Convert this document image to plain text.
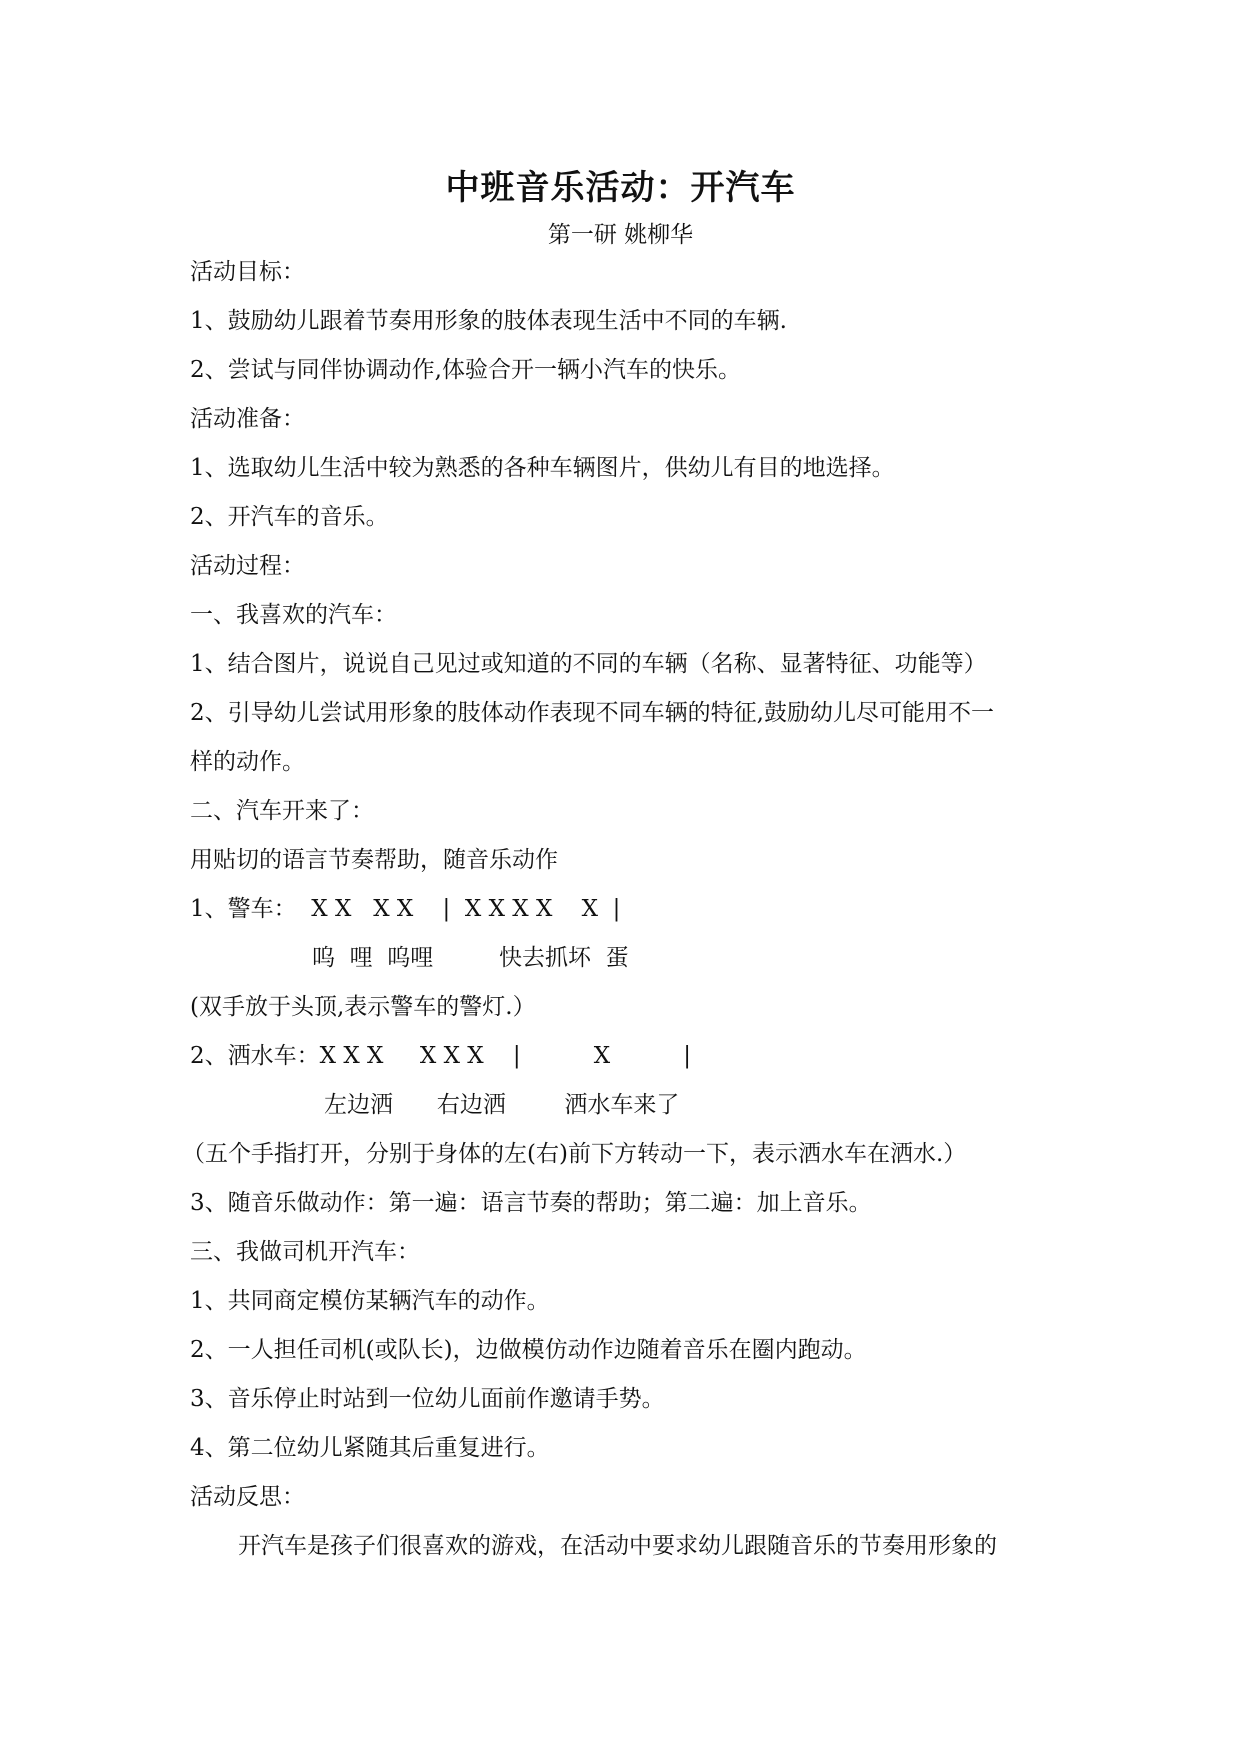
中班音乐活动：开汽车
第一研 姚柳华
活动目标：
1、鼓励幼儿跟着节奏用形象的肢体表现生活中不同的车辆.
2、尝试与同伴协调动作,体验合开一辆小汽车的快乐。
活动准备：
1、选取幼儿生活中较为熟悉的各种车辆图片，供幼儿有目的地选择。
2、开汽车的音乐。
活动过程：
一、我喜欢的汽车：
1、结合图片，说说自己见过或知道的不同的车辆（名称、显著特征、功能等）
2、引导幼儿尝试用形象的肢体动作表现不同车辆的特征,鼓励幼儿尽可能用不一
样的动作。
二、汽车开来了：
用贴切的语言节奏帮助，随音乐动作
1、警车：  X X   X X    |  X X X X    X  |
呜  哩  呜哩         快去抓坏  蛋
(双手放于头顶,表示警车的警灯.）
2、洒水车：X X X     X X X    |          X          |
左边洒      右边洒        洒水车来了
（五个手指打开，分别于身体的左(右)前下方转动一下，表示洒水车在洒水.）
3、随音乐做动作：第一遍：语言节奏的帮助；第二遍：加上音乐。
三、我做司机开汽车：
1、共同商定模仿某辆汽车的动作。
2、一人担任司机(或队长)，边做模仿动作边随着音乐在圈内跑动。
3、音乐停止时站到一位幼儿面前作邀请手势。
4、第二位幼儿紧随其后重复进行。
活动反思：
开汽车是孩子们很喜欢的游戏，在活动中要求幼儿跟随音乐的节奏用形象的
